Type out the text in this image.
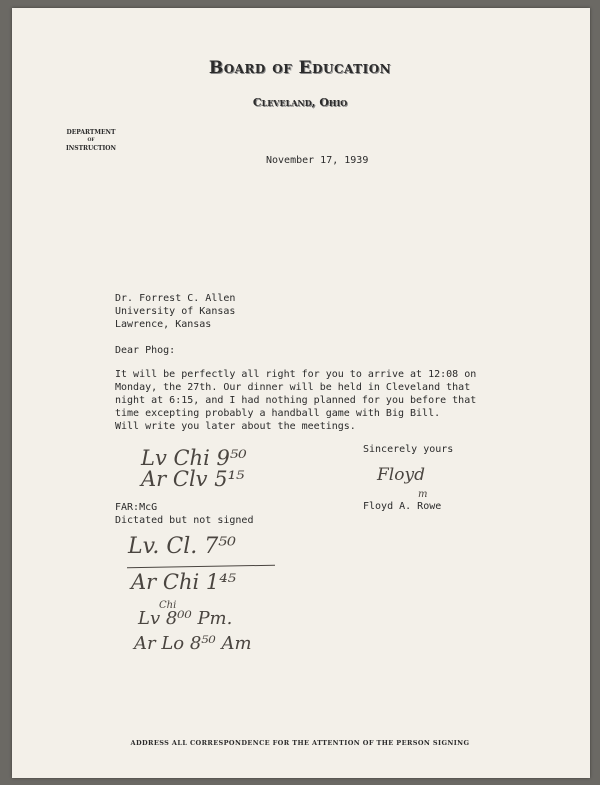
Board of Education
Cleveland, Ohio
DEPARTMENT
OF
INSTRUCTION
November 17, 1939
Dr. Forrest C. Allen
University of Kansas
Lawrence, Kansas
Dear Phog:
It will be perfectly all right for you to arrive at 12:08 on
Monday, the 27th. Our dinner will be held in Cleveland that
night at 6:15, and I had nothing planned for you before that
time excepting probably a handball game with Big Bill.
Will write you later about the meetings.
Sincerely yours
Floyd
m
Floyd A. Rowe
FAR:McG
Dictated but not signed
Lv Chi 9⁵⁰
Ar Clv 5¹⁵
Lv. Cl. 7⁵⁰
Ar Chi 1⁴⁵
Chi
Lv 8⁰⁰ Pm.
Ar Lo 8⁵⁰ Am
ADDRESS ALL CORRESPONDENCE FOR THE ATTENTION OF THE PERSON SIGNING
